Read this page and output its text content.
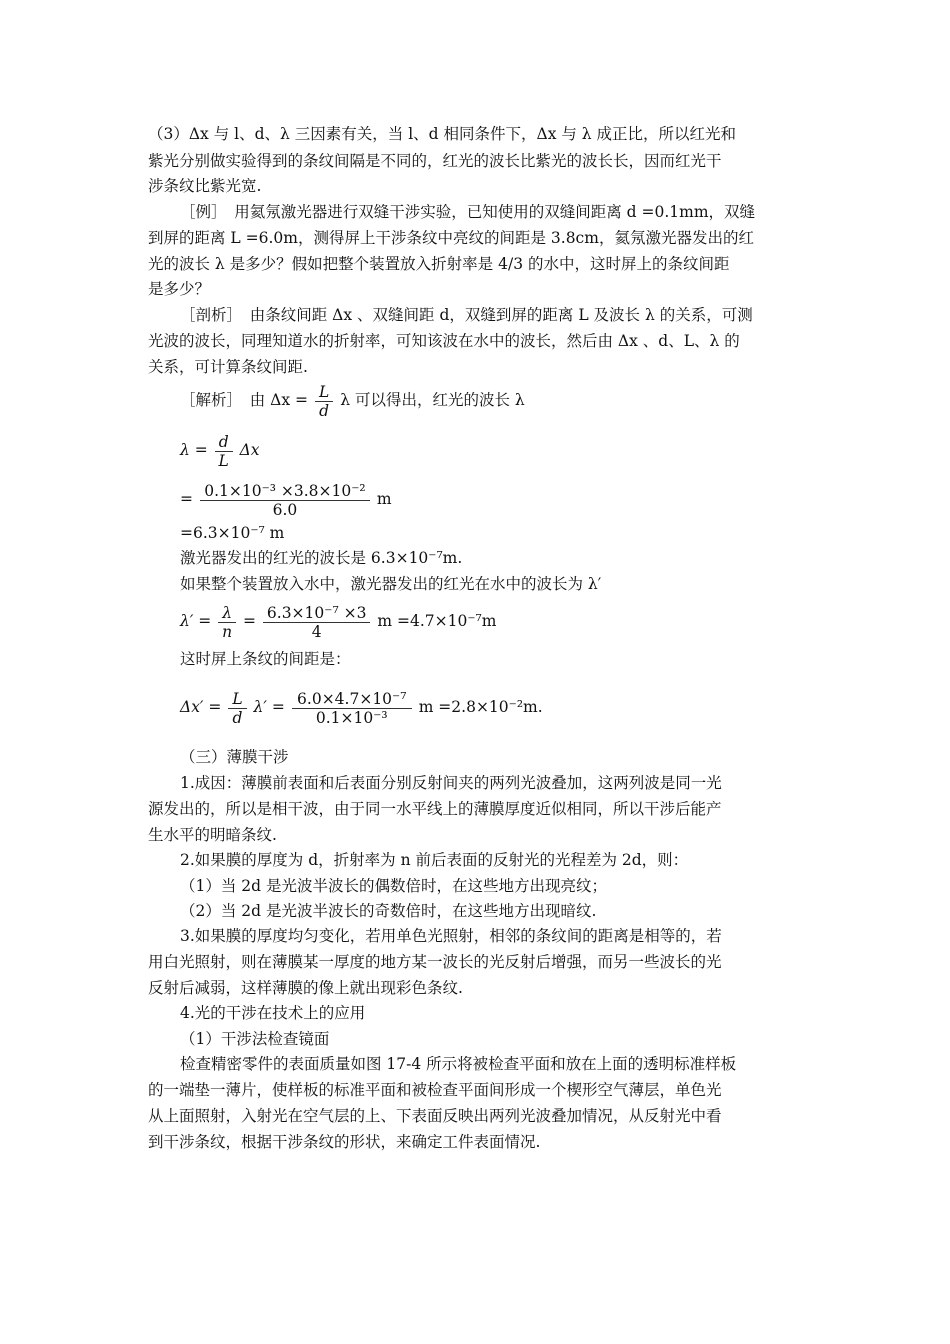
（3）Δx 与 l、d、λ 三因素有关，当 l、d 相同条件下，Δx 与 λ 成正比，所以红光和
紫光分别做实验得到的条纹间隔是不同的，红光的波长比紫光的波长长，因而红光干
涉条纹比紫光宽.
［例］　用氦氖激光器进行双缝干涉实验，已知使用的双缝间距离 d =0.1mm，双缝
到屏的距离 L =6.0m，测得屏上干涉条纹中亮纹的间距是 3.8cm，氦氖激光器发出的红
光的波长 λ 是多少？假如把整个装置放入折射率是 4/3 的水中，这时屏上的条纹间距
是多少？
［剖析］　由条纹间距 Δx 、双缝间距 d，双缝到屏的距离 L 及波长 λ 的关系，可测
光波的波长，同理知道水的折射率，可知该波在水中的波长，然后由 Δx 、d、L、λ 的
关系，可计算条纹间距.
［解析］　由 $\Delta x = \frac{L}{d}$ λ 可以得出，红光的波长 λ
$\lambda = \frac{d}{L}$ Δx
= $\frac{\text{0.1×10⁻³ ×3.8×10⁻²}}{6.0}$ m
=6.3×10⁻⁷ m
激光器发出的红光的波长是 6.3×10⁻⁷m.
如果整个装置放入水中，激光器发出的红光在水中的波长为 λ′
$\lambda' = \frac{\lambda}{n} = \frac{\text{6.3×10⁻⁷ ×3}}{4}$ m =4.7×10⁻⁷m
这时屏上条纹的间距是：
$\Delta x' = \frac{L}{d} \lambda' = \frac{\text{6.0×4.7×10⁻⁷}}{\text{0.1×10⁻³}}$ m =2.8×10⁻²m.
（三）薄膜干涉
1.成因：薄膜前表面和后表面分别反射间夹的两列光波叠加，这两列波是同一光
源发出的，所以是相干波，由于同一水平线上的薄膜厚度近似相同，所以干涉后能产
生水平的明暗条纹.
2.如果膜的厚度为 d，折射率为 n 前后表面的反射光的光程差为 2d，则：
（1）当 2d 是光波半波长的偶数倍时，在这些地方出现亮纹；
（2）当 2d 是光波半波长的奇数倍时，在这些地方出现暗纹.
3.如果膜的厚度均匀变化，若用单色光照射，相邻的条纹间的距离是相等的，若
用白光照射，则在薄膜某一厚度的地方某一波长的光反射后增强，而另一些波长的光
反射后减弱，这样薄膜的像上就出现彩色条纹.
4.光的干涉在技术上的应用
（1）干涉法检查镜面
检查精密零件的表面质量如图 17-4 所示将被检查平面和放在上面的透明标准样板
的一端垫一薄片，使样板的标准平面和被检查平面间形成一个楔形空气薄层，单色光
从上面照射，入射光在空气层的上、下表面反映出两列光波叠加情况，从反射光中看
到干涉条纹，根据干涉条纹的形状，来确定工件表面情况.
